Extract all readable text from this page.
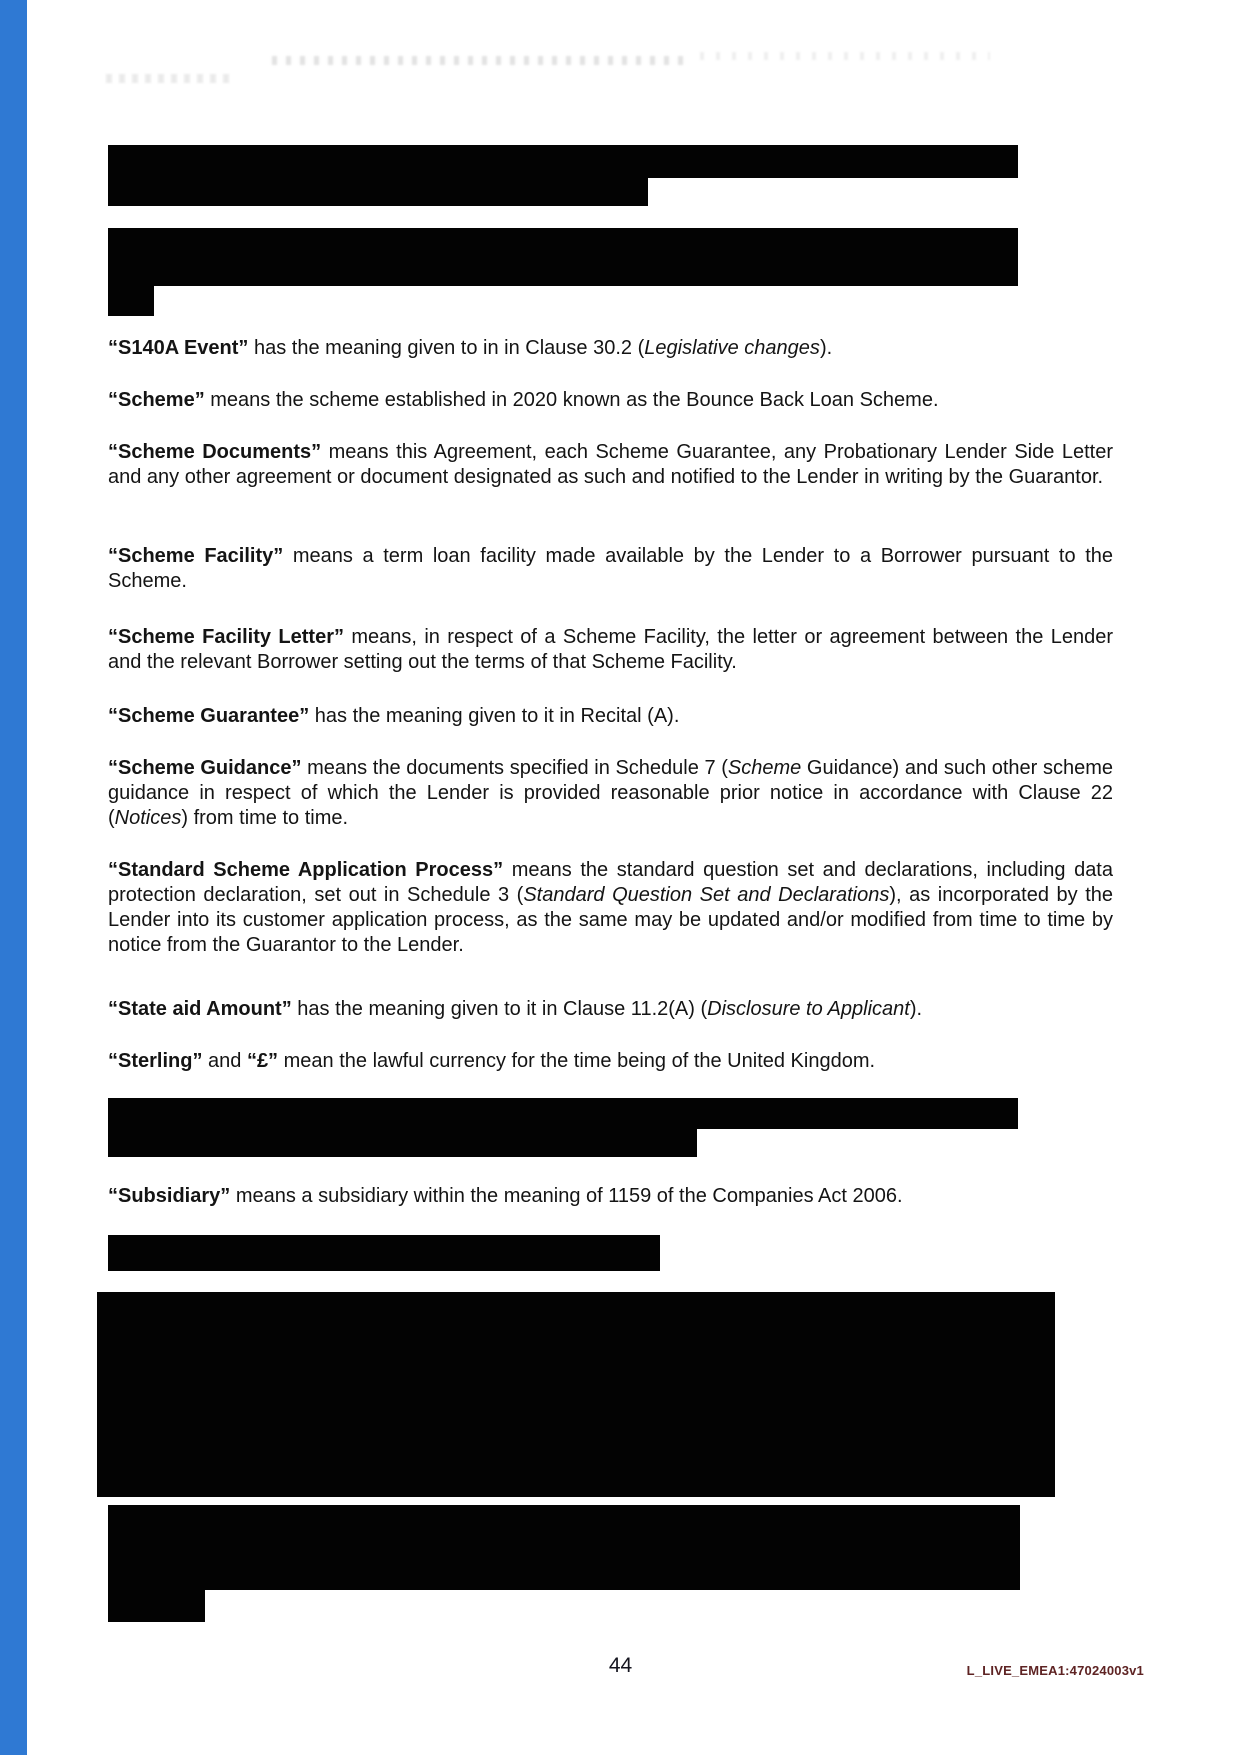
“S140A Event” has the meaning given to in in Clause 30.2 (Legislative changes).

“Scheme” means the scheme established in 2020 known as the Bounce Back Loan Scheme.

“Scheme Documents” means this Agreement, each Scheme Guarantee, any Probationary Lender Side Letter and any other agreement or document designated as such and notified to the Lender in writing by the Guarantor.

“Scheme Facility” means a term loan facility made available by the Lender to a Borrower pursuant to the Scheme.

“Scheme Facility Letter” means, in respect of a Scheme Facility, the letter or agreement between the Lender and the relevant Borrower setting out the terms of that Scheme Facility.

“Scheme Guarantee” has the meaning given to it in Recital (A).

“Scheme Guidance” means the documents specified in Schedule 7 (Scheme Guidance) and such other scheme guidance in respect of which the Lender is provided reasonable prior notice in accordance with Clause 22 (Notices) from time to time.

“Standard Scheme Application Process” means the standard question set and declarations, including data protection declaration, set out in Schedule 3 (Standard Question Set and Declarations), as incorporated by the Lender into its customer application process, as the same may be updated and/or modified from time to time by notice from the Guarantor to the Lender.

“State aid Amount” has the meaning given to it in Clause 11.2(A) (Disclosure to Applicant).

“Sterling” and “£” mean the lawful currency for the time being of the United Kingdom.

“Subsidiary” means a subsidiary within the meaning of 1159 of the Companies Act 2006.

44	L_LIVE_EMEA1:47024003v1
